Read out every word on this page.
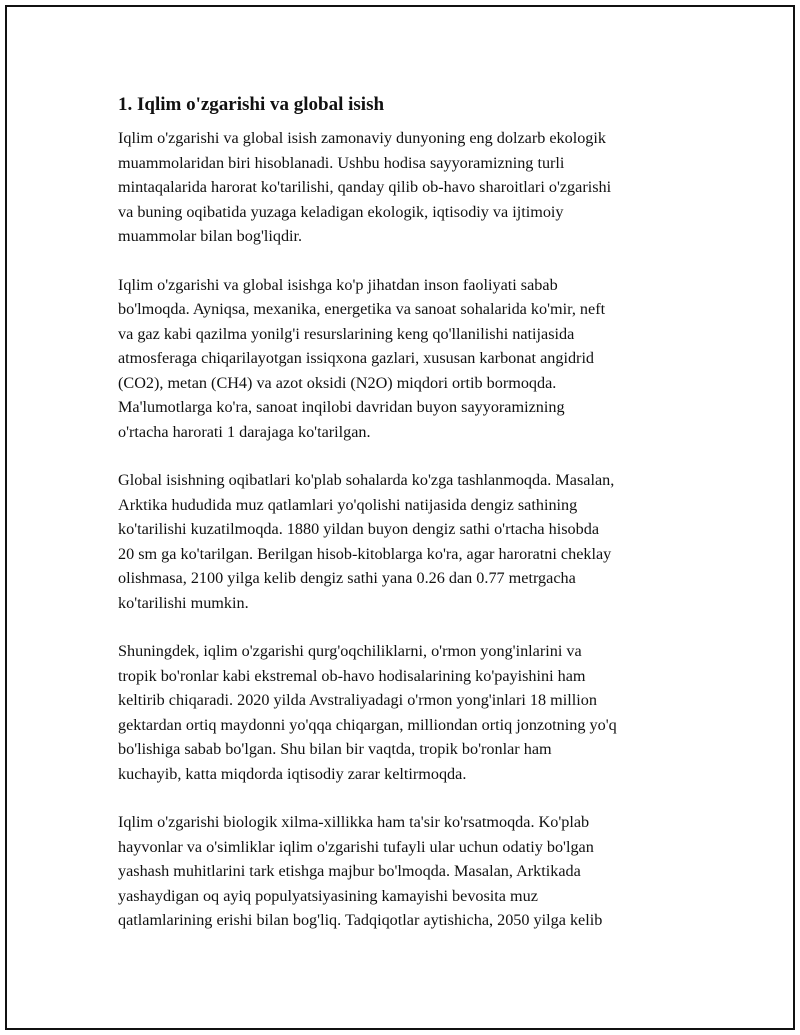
1. Iqlim o'zgarishi va global isish

Iqlim o'zgarishi va global isish zamonaviy dunyoning eng dolzarb ekologik
muammolaridan biri hisoblanadi. Ushbu hodisa sayyoramizning turli
mintaqalarida harorat ko'tarilishi, qanday qilib ob-havo sharoitlari o'zgarishi
va buning oqibatida yuzaga keladigan ekologik, iqtisodiy va ijtimoiy
muammolar bilan bog'liqdir.

Iqlim o'zgarishi va global isishga ko'p jihatdan inson faoliyati sabab
bo'lmoqda. Ayniqsa, mexanika, energetika va sanoat sohalarida ko'mir, neft
va gaz kabi qazilma yonilg'i resurslarining keng qo'llanilishi natijasida
atmosferaga chiqarilayotgan issiqxona gazlari, xususan karbonat angidrid
(CO2), metan (CH4) va azot oksidi (N2O) miqdori ortib bormoqda.
Ma'lumotlarga ko'ra, sanoat inqilobi davridan buyon sayyoramizning
o'rtacha harorati 1 darajaga ko'tarilgan.

Global isishning oqibatlari ko'plab sohalarda ko'zga tashlanmoqda. Masalan,
Arktika hududida muz qatlamlari yo'qolishi natijasida dengiz sathining
ko'tarilishi kuzatilmoqda. 1880 yildan buyon dengiz sathi o'rtacha hisobda
20 sm ga ko'tarilgan. Berilgan hisob-kitoblarga ko'ra, agar haroratni cheklay
olishmasa, 2100 yilga kelib dengiz sathi yana 0.26 dan 0.77 metrgacha
ko'tarilishi mumkin.

Shuningdek, iqlim o'zgarishi qurg'oqchiliklarni, o'rmon yong'inlarini va
tropik bo'ronlar kabi ekstremal ob-havo hodisalarining ko'payishini ham
keltirib chiqaradi. 2020 yilda Avstraliyadagi o'rmon yong'inlari 18 million
gektardan ortiq maydonni yo'qqa chiqargan, milliondan ortiq jonzotning yo'q
bo'lishiga sabab bo'lgan. Shu bilan bir vaqtda, tropik bo'ronlar ham
kuchayib, katta miqdorda iqtisodiy zarar keltirmoqda.

Iqlim o'zgarishi biologik xilma-xillikka ham ta'sir ko'rsatmoqda. Ko'plab
hayvonlar va o'simliklar iqlim o'zgarishi tufayli ular uchun odatiy bo'lgan
yashash muhitlarini tark etishga majbur bo'lmoqda. Masalan, Arktikada
yashaydigan oq ayiq populyatsiyasining kamayishi bevosita muz
qatlamlarining erishi bilan bog'liq. Tadqiqotlar aytishicha, 2050 yilga kelib
